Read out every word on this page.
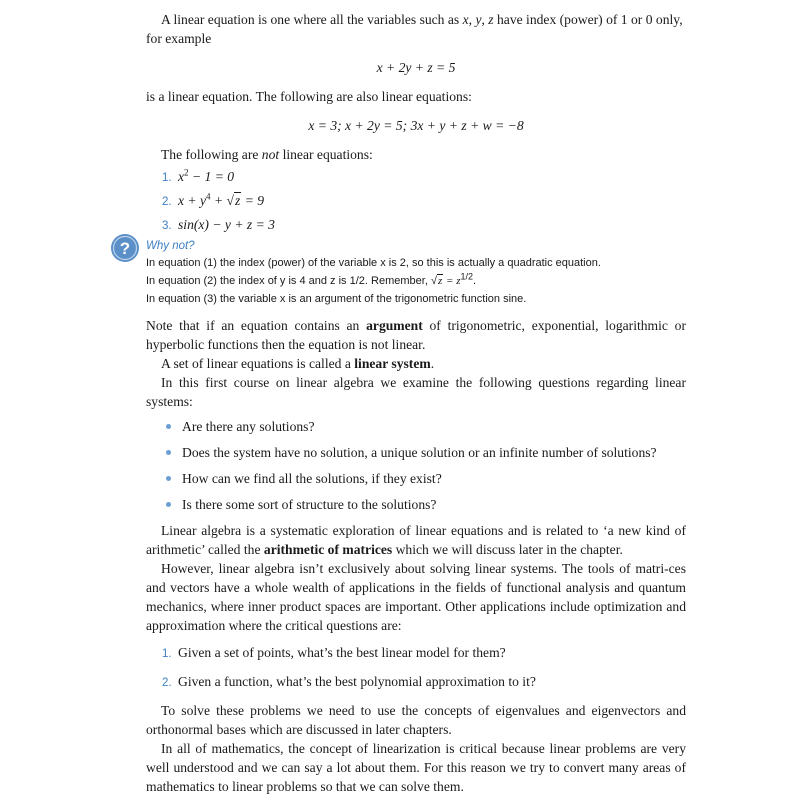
A linear equation is one where all the variables such as x, y, z have index (power) of 1 or 0 only, for example

x + 2y + z = 5

is a linear equation. The following are also linear equations:

x = 3; x + 2y = 5; 3x + y + z + w = −8

The following are not linear equations:

1. $x^2 - 1 = 0$
2. $x + y^4 + √z = 9$
3. sin(x) − y + z = 3
? Why not?
In equation (1) the index (power) of the variable x is 2, so this is actually a quadratic equation.
In equation (2) the index of y is 4 and z is 1/2. Remember, $√z = z^{1/2}$.
In equation (3) the variable x is an argument of the trigonometric function sine.

Note that if an equation contains an argument of trigonometric, exponential, logarithmic or hyperbolic functions then the equation is not linear.

A set of linear equations is called a linear system.

In this first course on linear algebra we examine the following questions regarding linear systems:

Are there any solutions?
Does the system have no solution, a unique solution or an infinite number of solutions?
How can we find all the solutions, if they exist?
Is there some sort of structure to the solutions?

Linear algebra is a systematic exploration of linear equations and is related to ‘a new kind of arithmetic’ called the arithmetic of matrices which we will discuss later in the chapter.

However, linear algebra isn’t exclusively about solving linear systems. The tools of matri-ces and vectors have a whole wealth of applications in the fields of functional analysis and quantum mechanics, where inner product spaces are important. Other applications include optimization and approximation where the critical questions are:

1. Given a set of points, what’s the best linear model for them?
2. Given a function, what’s the best polynomial approximation to it?

To solve these problems we need to use the concepts of eigenvalues and eigenvectors and orthonormal bases which are discussed in later chapters.

In all of mathematics, the concept of linearization is critical because linear problems are very well understood and we can say a lot about them. For this reason we try to convert many areas of mathematics to linear problems so that we can solve them.
